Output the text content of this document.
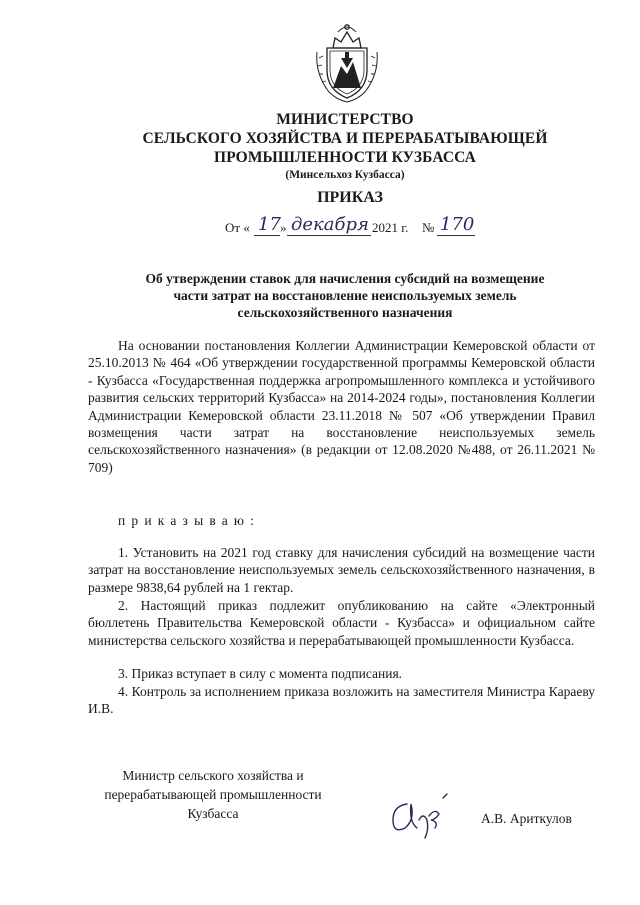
МИНИСТЕРСТВО
СЕЛЬСКОГО ХОЗЯЙСТВА И ПЕРЕРАБАТЫВАЮЩЕЙ
ПРОМЫШЛЕННОСТИ КУЗБАССА
(Минсельхоз Кузбасса)
ПРИКАЗ
От « 17 » декабря 2021 г. № 170
Об утверждении ставок для начисления субсидий на возмещение
части затрат на восстановление неиспользуемых земель
сельскохозяйственного назначения
На основании постановления Коллегии Администрации Кемеровской области от 25.10.2013 № 464 «Об утверждении государственной программы Кемеровской области - Кузбасса «Государственная поддержка агропромышленного комплекса и устойчивого развития сельских территорий Кузбасса» на 2014-2024 годы», постановления Коллегии Администрации Кемеровской области 23.11.2018 № 507 «Об утверждении Правил возмещения части затрат на восстановление неиспользуемых земель сельскохозяйственного назначения» (в редакции от 12.08.2020 №488, от 26.11.2021 № 709)
приказываю:
1. Установить на 2021 год ставку для начисления субсидий на возмещение части затрат на восстановление неиспользуемых земель сельскохозяйственного назначения, в размере 9838,64 рублей на 1 гектар.
2. Настоящий приказ подлежит опубликованию на сайте «Электронный бюллетень Правительства Кемеровской области - Кузбасса» и официальном сайте министерства сельского хозяйства и перерабатывающей промышленности Кузбасса.
3. Приказ вступает в силу с момента подписания.
4. Контроль за исполнением приказа возложить на заместителя Министра Караеву И.В.
Министр сельского хозяйства и
перерабатывающей промышленности
Кузбасса	А.В. Ариткулов
